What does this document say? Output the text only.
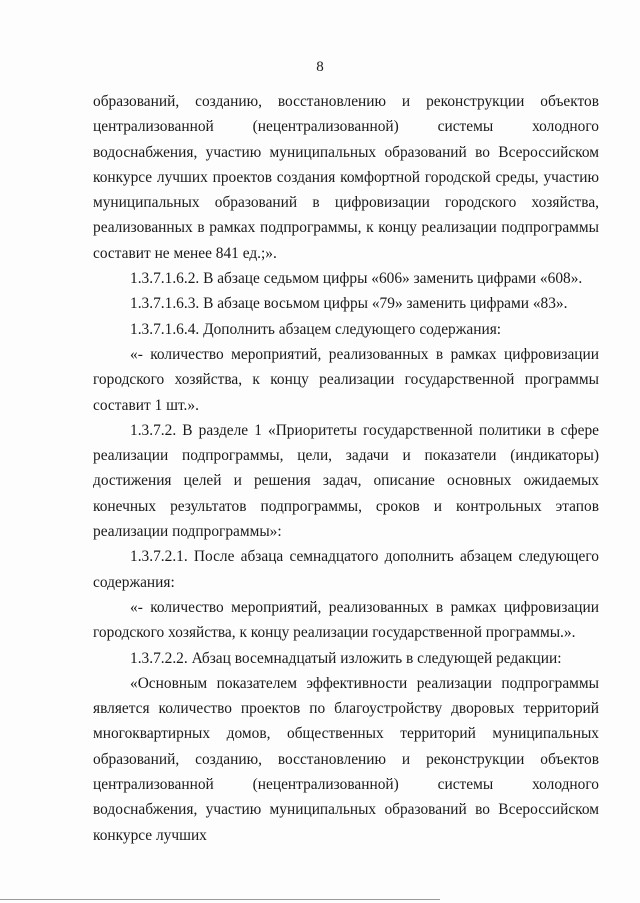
8

образований, созданию, восстановлению и реконструкции объектов централизованной (нецентрализованной) системы холодного водоснабжения, участию муниципальных образований во Всероссийском конкурсе лучших проектов создания комфортной городской среды, участию муниципальных образований в цифровизации городского хозяйства, реализованных в рамках подпрограммы, к концу реализации подпрограммы составит не менее 841 ед.;».

1.3.7.1.6.2. В абзаце седьмом цифры «606» заменить цифрами «608».

1.3.7.1.6.3. В абзаце восьмом цифры «79» заменить цифрами «83».

1.3.7.1.6.4. Дополнить абзацем следующего содержания:

«- количество мероприятий, реализованных в рамках цифровизации городского хозяйства, к концу реализации государственной программы составит 1 шт.».

1.3.7.2. В разделе 1 «Приоритеты государственной политики в сфере реализации подпрограммы, цели, задачи и показатели (индикаторы) достижения целей и решения задач, описание основных ожидаемых конечных результатов подпрограммы, сроков и контрольных этапов реализации подпрограммы»:

1.3.7.2.1. После абзаца семнадцатого дополнить абзацем следующего содержания:

«- количество мероприятий, реализованных в рамках цифровизации городского хозяйства, к концу реализации государственной программы.».

1.3.7.2.2. Абзац восемнадцатый изложить в следующей редакции:

«Основным показателем эффективности реализации подпрограммы является количество проектов по благоустройству дворовых территорий многоквартирных домов, общественных территорий муниципальных образований, созданию, восстановлению и реконструкции объектов централизованной (нецентрализованной) системы холодного водоснабжения, участию муниципальных образований во Всероссийском конкурсе лучших
